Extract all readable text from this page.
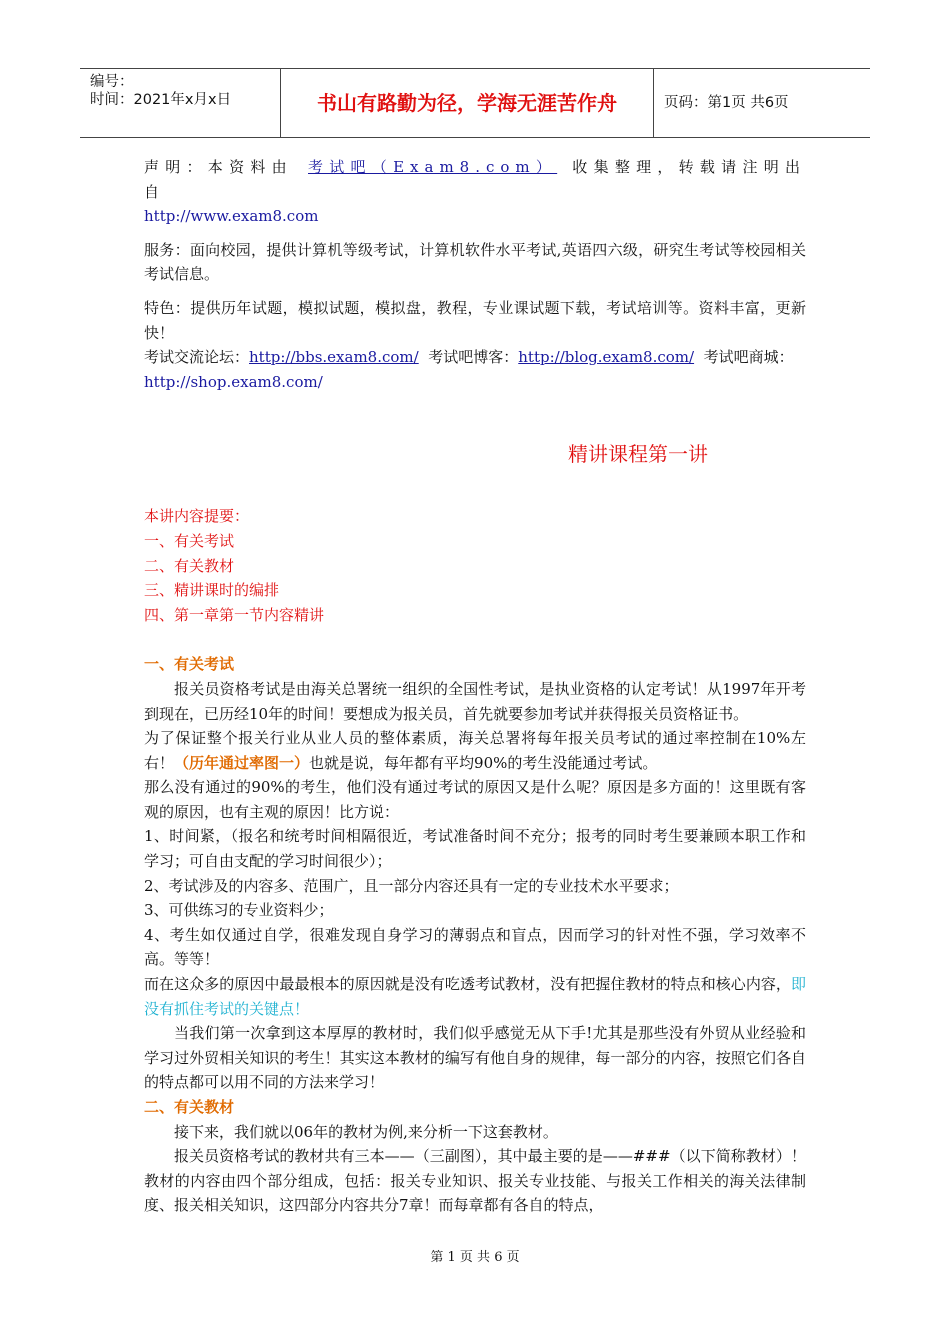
编号：
时间：2021年x月x日	书山有路勤为径，学海无涯苦作舟	页码：第1页 共6页

声明：本资料由 考试吧（Exam8.com） 收集整理，转载请注明出自
http://www.exam8.com

服务：面向校园，提供计算机等级考试，计算机软件水平考试,英语四六级，研究生考试等校园相关考试信息。

特色：提供历年试题，模拟试题，模拟盘，教程，专业课试题下载，考试培训等。资料丰富，更新快！

考试交流论坛：http://bbs.exam8.com/ 考试吧博客：http://blog.exam8.com/ 考试吧商城：
http://shop.exam8.com/

本讲内容提要：

一、有关考试

二、有关教材

三、精讲课时的编排

四、第一章第一节内容精讲

一、有关考试

报关员资格考试是由海关总署统一组织的全国性考试，是执业资格的认定考试！从1997年开考到现在，已历经10年的时间！要想成为报关员，首先就要参加考试并获得报关员资格证书。

为了保证整个报关行业从业人员的整体素质，海关总署将每年报关员考试的通过率控制在10%左右！（历年通过率图一）也就是说，每年都有平均90%的考生没能通过考试。

那么没有通过的90%的考生，他们没有通过考试的原因又是什么呢？原因是多方面的！这里既有客观的原因，也有主观的原因！比方说：

1、时间紧，（报名和统考时间相隔很近，考试准备时间不充分；报考的同时考生要兼顾本职工作和学习；可自由支配的学习时间很少）；

2、考试涉及的内容多、范围广，且一部分内容还具有一定的专业技术水平要求；

3、可供练习的专业资料少；

4、考生如仅通过自学，很难发现自身学习的薄弱点和盲点，因而学习的针对性不强，学习效率不高。等等！

而在这众多的原因中最最根本的原因就是没有吃透考试教材，没有把握住教材的特点和核心内容，即没有抓住考试的关键点！

当我们第一次拿到这本厚厚的教材时，我们似乎感觉无从下手!尤其是那些没有外贸从业经验和学习过外贸相关知识的考生！其实这本教材的编写有他自身的规律，每一部分的内容，按照它们各自的特点都可以用不同的方法来学习！

二、有关教材

接下来，我们就以06年的教材为例,来分析一下这套教材。

报关员资格考试的教材共有三本——（三副图），其中最主要的是——###（以下简称教材）！教材的内容由四个部分组成，包括：报关专业知识、报关专业技能、与报关工作相关的海关法律制度、报关相关知识，这四部分内容共分7章！而每章都有各自的特点，

精讲课程第一讲
第 1 页 共 6 页
